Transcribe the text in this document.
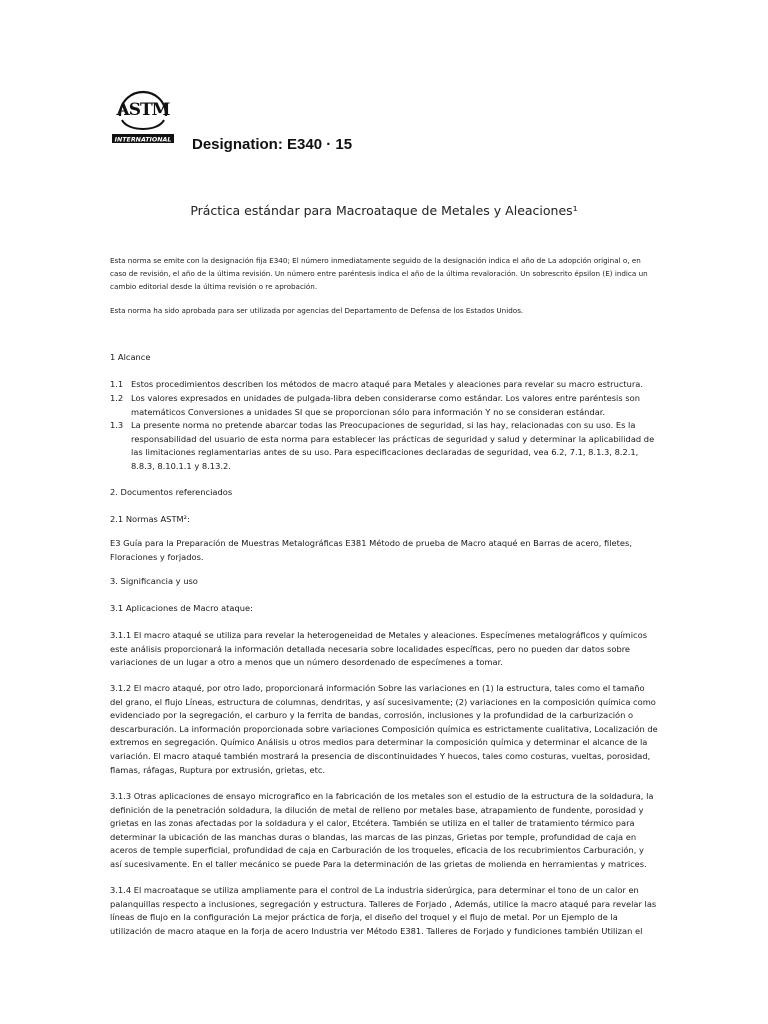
ASTM
INTERNATIONAL Designation: E340 · 15
Práctica estándar para Macroataque de Metales y Aleaciones¹
Esta norma se emite con la designación fija E340; El número inmediatamente seguido de la designación indica el año de La adopción original o, en caso de revisión, el año de la última revisión. Un número entre paréntesis indica el año de la última revaloración. Un sobrescrito épsilon (E) indica un cambio editorial desde la última revisión o re aprobación.
Esta norma ha sido aprobada para ser utilizada por agencias del Departamento de Defensa de los Estados Unidos.
1 Alcance
1.1 Estos procedimientos describen los métodos de macro ataqué para Metales y aleaciones para revelar su macro estructura.
1.2 Los valores expresados en unidades de pulgada-libra deben considerarse como estándar. Los valores entre paréntesis son matemáticos Conversiones a unidades SI que se proporcionan sólo para información Y no se consideran estándar.
1.3 La presente norma no pretende abarcar todas las Preocupaciones de seguridad, si las hay, relacionadas con su uso. Es la responsabilidad del usuario de esta norma para establecer las prácticas de seguridad y salud y determinar la aplicabilidad de las limitaciones reglamentarias antes de su uso. Para especificaciones declaradas de seguridad, vea 6.2, 7.1, 8.1.3, 8.2.1, 8.8.3, 8.10.1.1 y 8.13.2.
2. Documentos referenciados
2.1 Normas ASTM²:
E3 Guía para la Preparación de Muestras Metalográficas E381 Método de prueba de Macro ataqué en Barras de acero, filetes, Floraciones y forjados.
3. Significancia y uso
3.1 Aplicaciones de Macro ataque:
3.1.1 El macro ataqué se utiliza para revelar la heterogeneidad de Metales y aleaciones. Especímenes metalográficos y químicos este análisis proporcionará la información detallada necesaria sobre localidades específicas, pero no pueden dar datos sobre variaciones de un lugar a otro a menos que un número desordenado de especímenes a tomar.
3.1.2 El macro ataqué, por otro lado, proporcionará información Sobre las variaciones en (1) la estructura, tales como el tamaño del grano, el flujo Líneas, estructura de columnas, dendritas, y así sucesivamente; (2) variaciones en la composición química como evidenciado por la segregación, el carburo y la ferrita de bandas, corrosión, inclusiones y la profundidad de la carburización o descarburación. La información proporcionada sobre variaciones Composición química es estrictamente cualitativa, Localización de extremos en segregación. Químico Análisis u otros medios para determinar la composición química y determinar el alcance de la variación. El macro ataqué también mostrará la presencia de discontinuidades Y huecos, tales como costuras, vueltas, porosidad, flamas, ráfagas, Ruptura por extrusión, grietas, etc.
3.1.3 Otras aplicaciones de ensayo micrografico en la fabricación de los metales son el estudio de la estructura de la soldadura, la definición de la penetración soldadura, la dilución de metal de relleno por metales base, atrapamiento de fundente, porosidad y grietas en las zonas afectadas por la soldadura y el calor, Etcétera. También se utiliza en el taller de tratamiento térmico para determinar la ubicación de las manchas duras o blandas, las marcas de las pinzas, Grietas por temple, profundidad de caja en aceros de temple superficial, profundidad de caja en Carburación de los troqueles, eficacia de los recubrimientos Carburación, y así sucesivamente. En el taller mecánico se puede Para la determinación de las grietas de molienda en herramientas y matrices.
3.1.4 El macroataque se utiliza ampliamente para el control de La industria siderúrgica, para determinar el tono de un calor en palanquillas respecto a inclusiones, segregación y estructura. Talleres de Forjado , Además, utilice la macro ataqué para revelar las líneas de flujo en la configuración La mejor práctica de forja, el diseño del troquel y el flujo de metal. Por un Ejemplo de la utilización de macro ataque en la forja de acero Industria ver Método E381. Talleres de Forjado y fundiciones también Utilizan el
